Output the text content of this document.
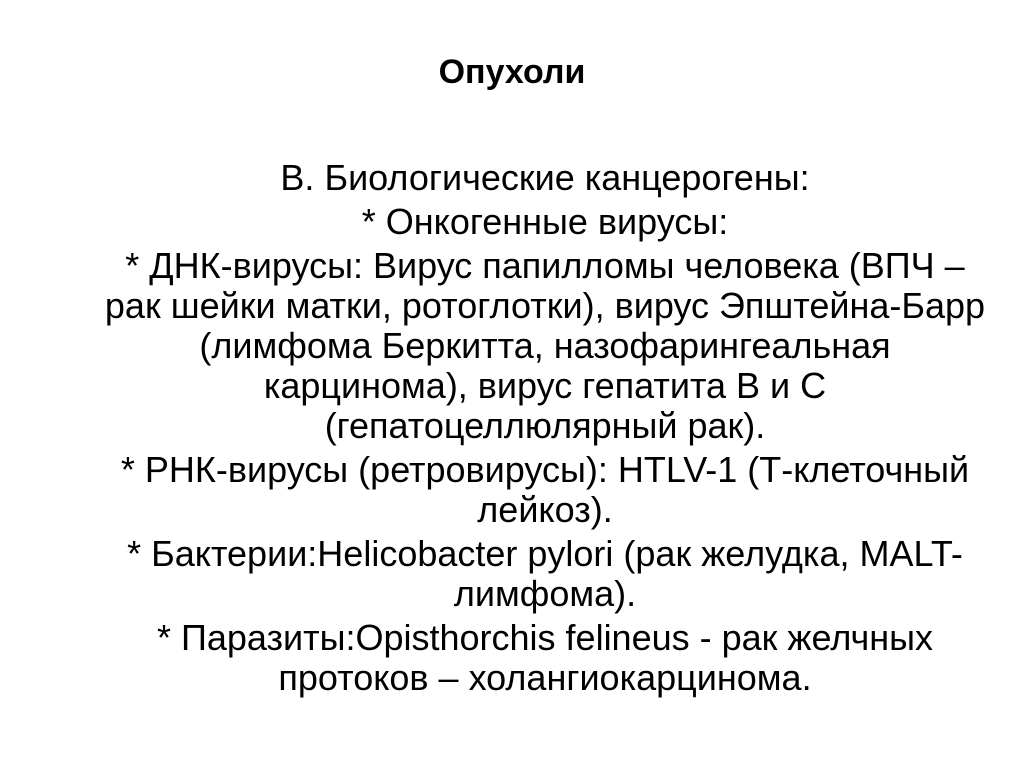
Опухоли

В. Биологические канцерогены:

* Онкогенные вирусы:

* ДНК-вирусы: Вирус папилломы человека (ВПЧ – рак шейки матки, ротоглотки), вирус Эпштейна-Барр (лимфома Беркитта, назофарингеальная карцинома), вирус гепатита В и С (гепатоцеллюлярный рак).

* РНК-вирусы (ретровирусы): HTLV-1 (Т-клеточный лейкоз).

* Бактерии:Helicobacter pylori (рак желудка, MALT-лимфома).

* Паразиты:Opisthorchis felineus - рак желчных протоков – холангиокарцинома.
